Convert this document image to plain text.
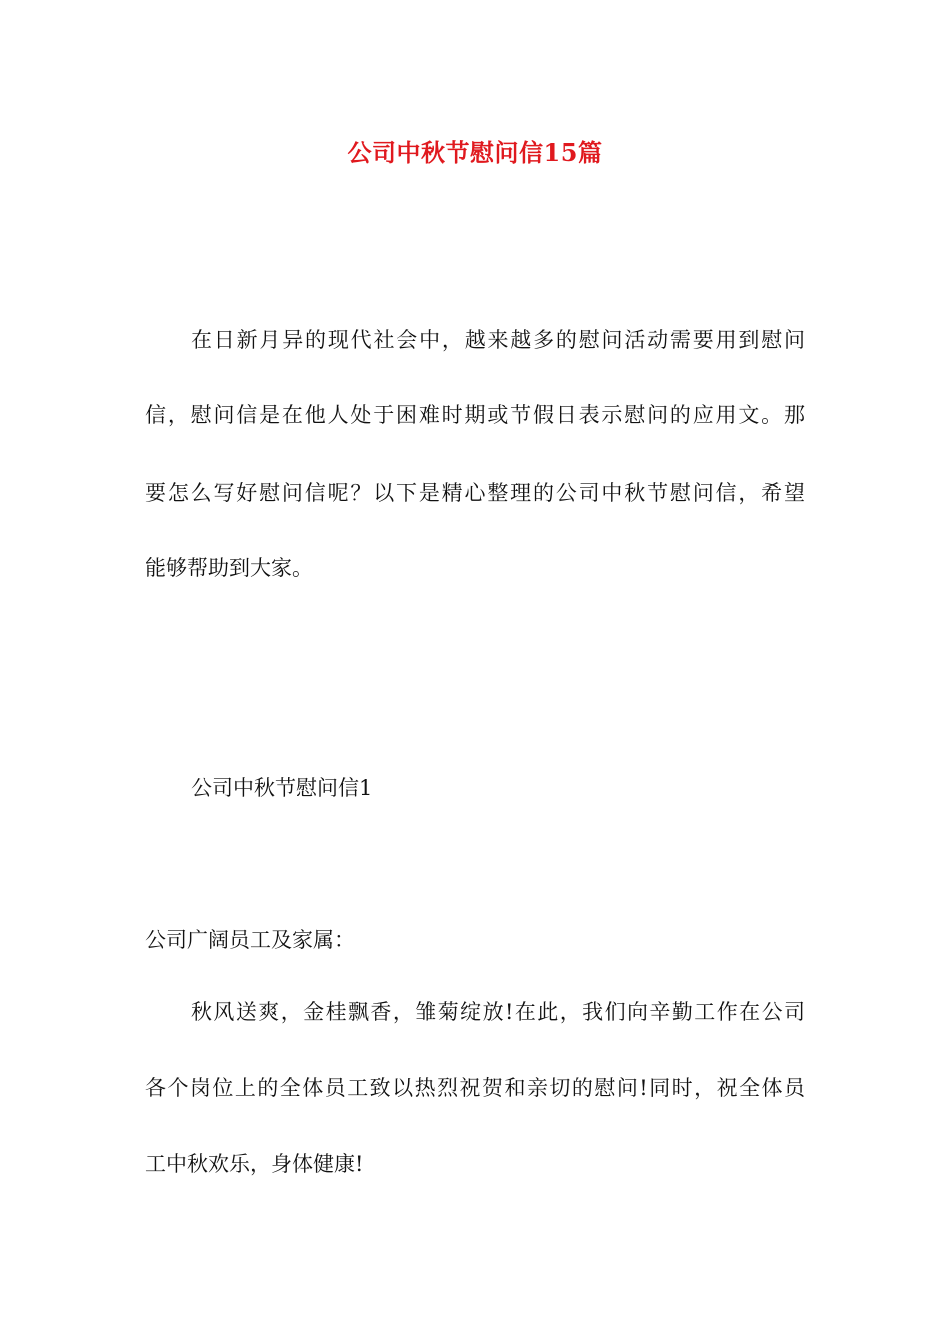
公司中秋节慰问信15篇
在日新月异的现代社会中，越来越多的慰问活动需要用到慰问
信，慰问信是在他人处于困难时期或节假日表示慰问的应用文。那
要怎么写好慰问信呢？以下是精心整理的公司中秋节慰问信，希望
能够帮助到大家。
公司中秋节慰问信1
公司广阔员工及家属：
秋风送爽，金桂飘香，雏菊绽放!在此，我们向辛勤工作在公司
各个岗位上的全体员工致以热烈祝贺和亲切的慰问!同时，祝全体员
工中秋欢乐，身体健康!
